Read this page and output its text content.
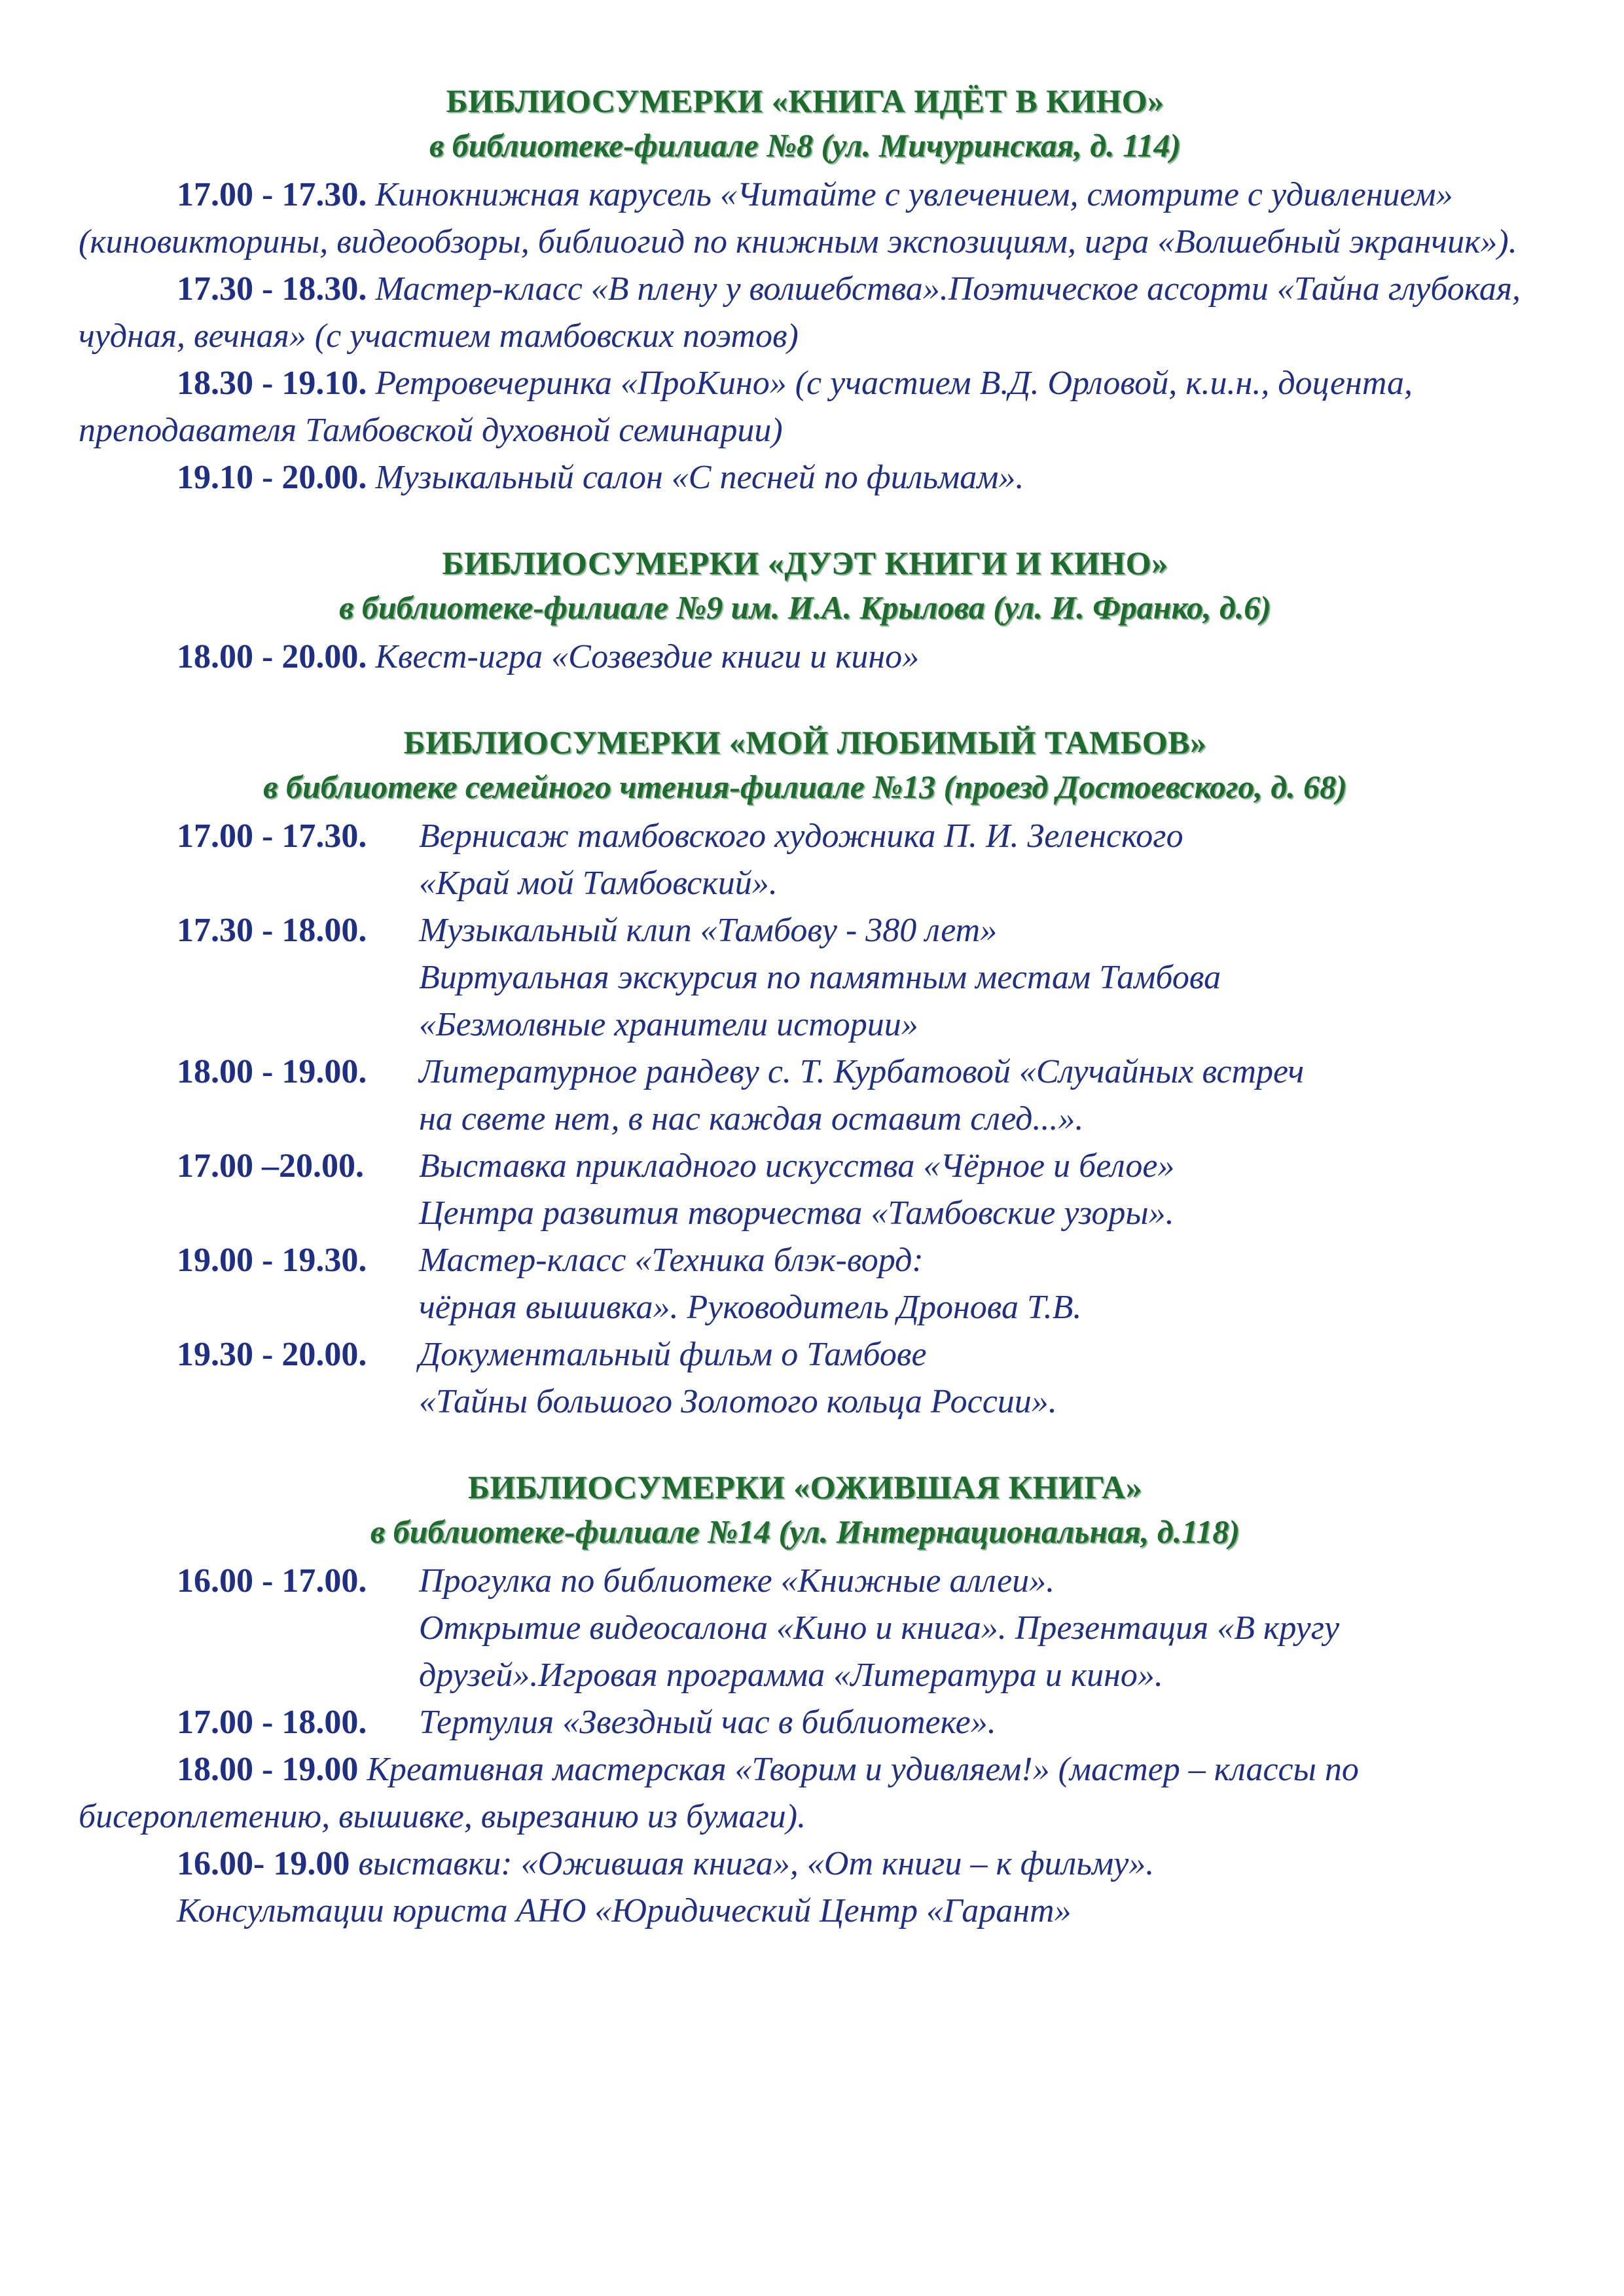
БИБЛИОСУМЕРКИ «КНИГА ИДЁТ В КИНО»
в библиотеке-филиале №8 (ул. Мичуринская, д. 114)
17.00 - 17.30. Кинокнижная карусель «Читайте с увлечением, смотрите с удивлением» (киновикторины, видеообзоры, библиогид по книжным экспозициям, игра «Волшебный экранчик»).
17.30 - 18.30. Мастер-класс «В плену у волшебства».Поэтическое ассорти «Тайна глубокая, чудная, вечная» (с участием тамбовских поэтов)
18.30 - 19.10. Ретровечеринка «ПроКино» (с участием В.Д. Орловой, к.и.н., доцента, преподавателя Тамбовской духовной семинарии)
19.10 - 20.00. Музыкальный салон «С песней по фильмам».
БИБЛИОСУМЕРКИ «ДУЭТ КНИГИ И КИНО»
в библиотеке-филиале №9 им. И.А. Крылова (ул. И. Франко, д.6)
18.00 - 20.00. Квест-игра «Созвездие книги и кино»
БИБЛИОСУМЕРКИ «МОЙ ЛЮБИМЫЙ ТАМБОВ»
в библиотеке семейного чтения-филиале №13 (проезд Достоевского, д. 68)
17.00 - 17.30.	Вернисаж тамбовского художника П. И. Зеленского
«Край мой Тамбовский».
17.30 - 18.00.	Музыкальный клип «Тамбову - 380 лет»
Виртуальная экскурсия по памятным местам Тамбова
«Безмолвные хранители истории»
18.00 - 19.00.	Литературное рандеву с. Т. Курбатовой «Случайных встреч
на свете нет, в нас каждая оставит след...».
17.00 –20.00.	Выставка прикладного искусства «Чёрное и белое»
Центра развития творчества «Тамбовские узоры».
19.00 - 19.30.	Мастер-класс «Техника блэк-ворд:
чёрная вышивка». Руководитель Дронова Т.В.
19.30 - 20.00.	Документальный фильм о Тамбове
«Тайны большого Золотого кольца России».
БИБЛИОСУМЕРКИ «ОЖИВШАЯ КНИГА»
в библиотеке-филиале №14 (ул. Интернациональная, д.118)
16.00 - 17.00.	Прогулка по библиотеке «Книжные аллеи».
Открытие видеосалона «Кино и книга». Презентация «В кругу друзей».Игровая программа «Литература и кино».
17.00 - 18.00.	Тертулия «Звездный час в библиотеке».
18.00 - 19.00 Креативная мастерская «Творим и удивляем!» (мастер – классы по бисероплетению, вышивке, вырезанию из бумаги).
16.00- 19.00 выставки: «Ожившая книга», «От книги – к фильму».
Консультации юриста АНО «Юридический Центр «Гарант»
